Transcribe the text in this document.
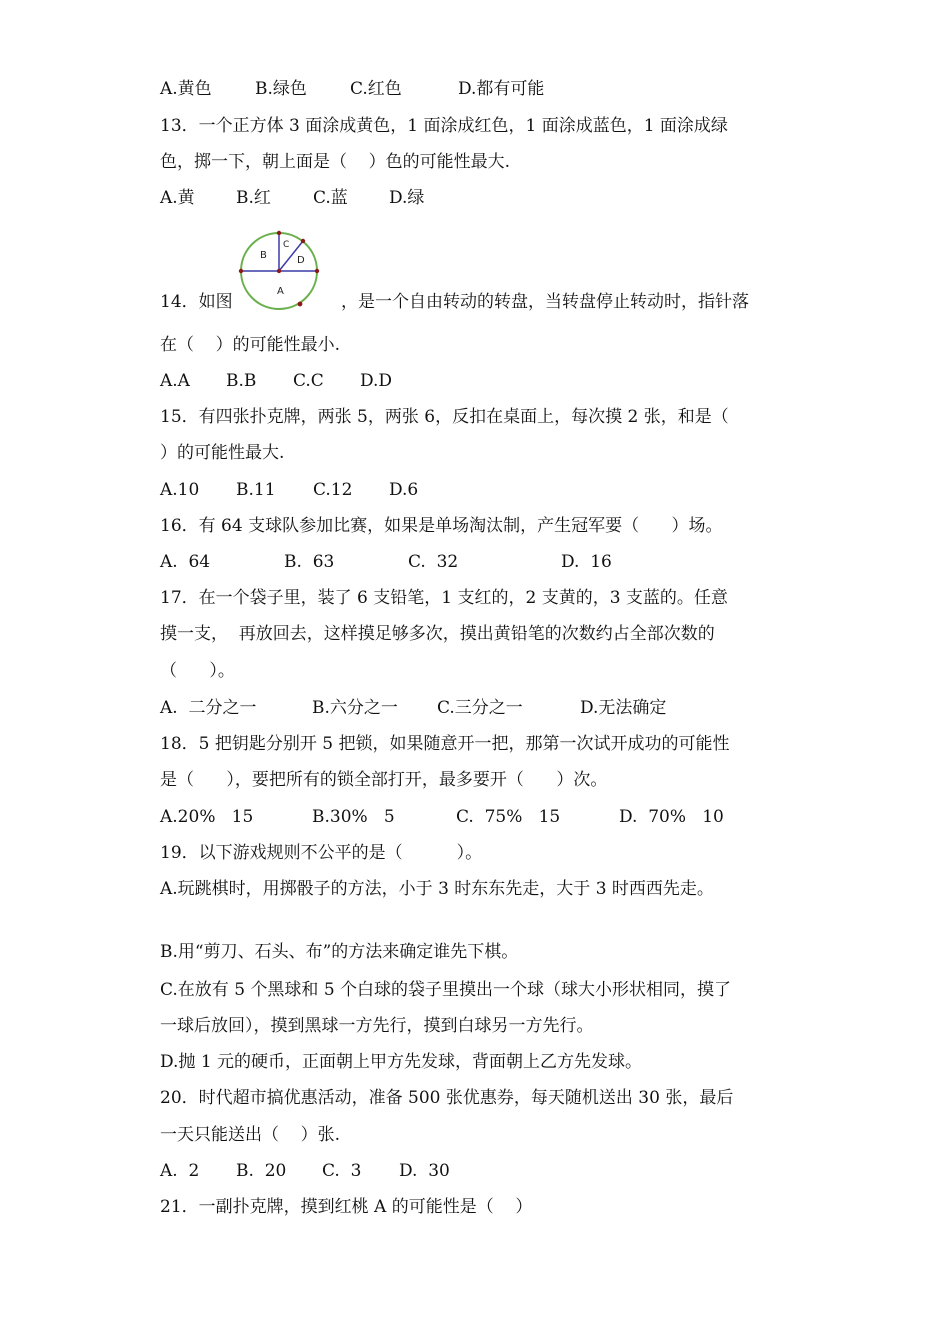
A.黄色	B.绿色	C.红色	D.都有可能
13．一个正方体 3 面涂成黄色，1 面涂成红色，1 面涂成蓝色，1 面涂成绿
色，掷一下，朝上面是（    ）色的可能性最大.
A.黄 B.红 C.蓝 D.绿
14．如图
A
B
C
D
，是一个自由转动的转盘，当转盘停止转动时，指针落
在（    ）的可能性最小.
A.A B.B C.C D.D
15．有四张扑克牌，两张 5，两张 6，反扣在桌面上，每次摸 2 张，和是（
）的可能性最大.
A.10 B.11 C.12 D.6
16．有 64 支球队参加比赛，如果是单场淘汰制，产生冠军要（      ）场。
A.  64	B.  63	C.  32	D.  16
17．在一个袋子里，装了 6 支铅笔，1 支红的，2 支黄的，3 支蓝的。任意
摸一支，  再放回去，这样摸足够多次，摸出黄铅笔的次数约占全部次数的
（      ）。
A.  二分之一	B.六分之一 C.三分之一	D.无法确定
18．5 把钥匙分别开 5 把锁，如果随意开一把，那第一次试开成功的可能性
是（      ），要把所有的锁全部打开，最多要开（      ）次。
A.20%   15	B.30%   5	C.  75%   15	D.  70%   10
19．以下游戏规则不公平的是（          ）。
A.玩跳棋时，用掷骰子的方法，小于 3 时东东先走，大于 3 时西西先走。
B.用“剪刀、石头、布”的方法来确定谁先下棋。
C.在放有 5 个黑球和 5 个白球的袋子里摸出一个球（球大小形状相同，摸了
一球后放回），摸到黑球一方先行，摸到白球另一方先行。
D.抛 1 元的硬币，正面朝上甲方先发球，背面朝上乙方先发球。
20．时代超市搞优惠活动，准备 500 张优惠券，每天随机送出 30 张，最后
一天只能送出（    ）张.
A.  2 B.  20 C.  3 D.  30
21．一副扑克牌，摸到红桃 A 的可能性是（    ）
